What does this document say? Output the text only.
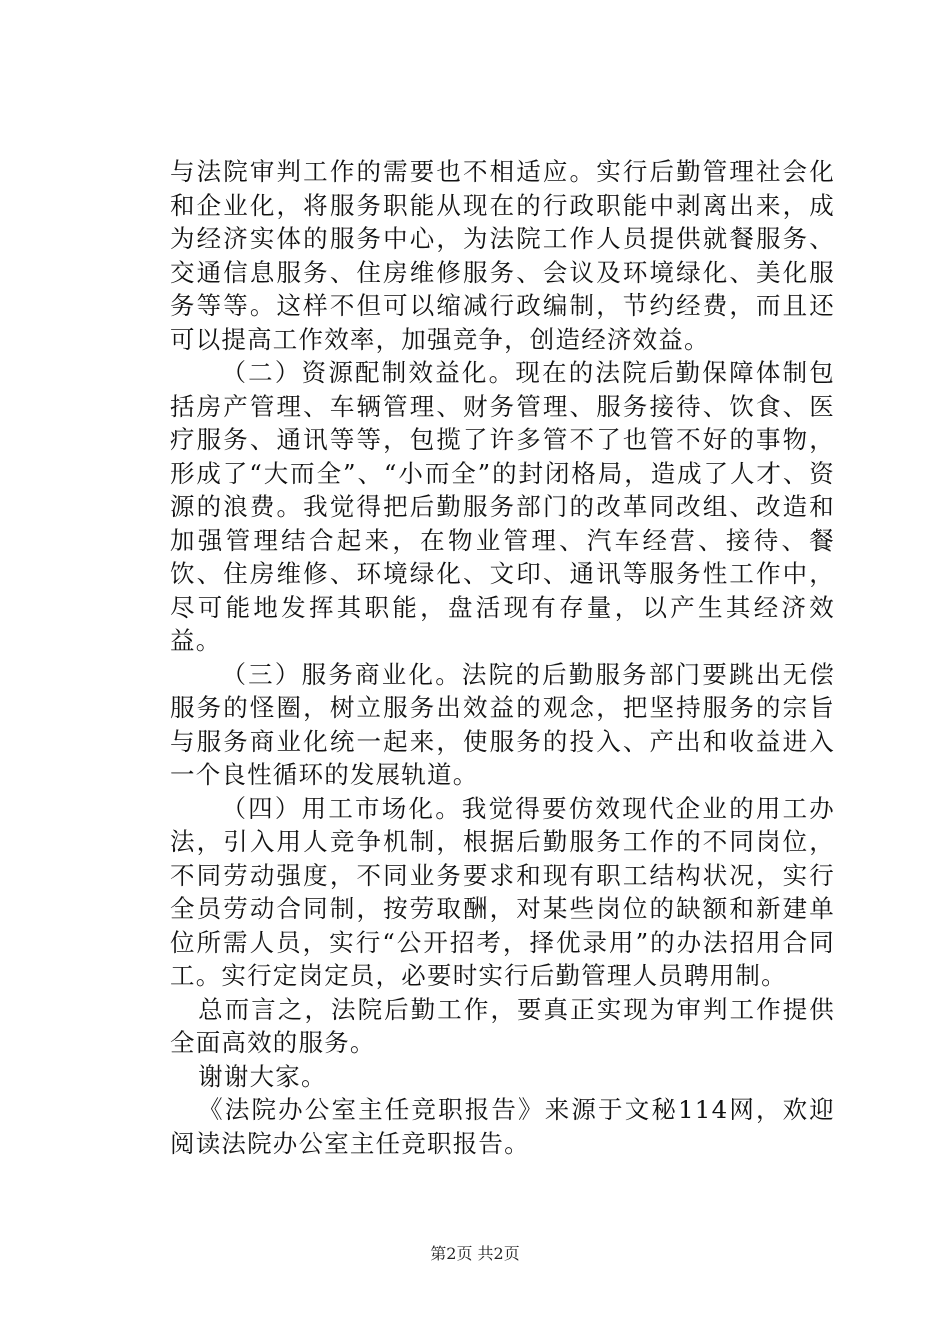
与法院审判工作的需要也不相适应。实行后勤管理社会化和企业化，将服务职能从现在的行政职能中剥离出来，成为经济实体的服务中心，为法院工作人员提供就餐服务、交通信息服务、住房维修服务、会议及环境绿化、美化服务等等。这样不但可以缩减行政编制，节约经费，而且还可以提高工作效率，加强竞争，创造经济效益。

（二）资源配制效益化。现在的法院后勤保障体制包括房产管理、车辆管理、财务管理、服务接待、饮食、医疗服务、通讯等等，包揽了许多管不了也管不好的事物，形成了“大而全”、“小而全”的封闭格局，造成了人才、资源的浪费。我觉得把后勤服务部门的改革同改组、改造和加强管理结合起来，在物业管理、汽车经营、接待、餐饮、住房维修、环境绿化、文印、通讯等服务性工作中，尽可能地发挥其职能，盘活现有存量，以产生其经济效益。

（三）服务商业化。法院的后勤服务部门要跳出无偿服务的怪圈，树立服务出效益的观念，把坚持服务的宗旨与服务商业化统一起来，使服务的投入、产出和收益进入一个良性循环的发展轨道。

（四）用工市场化。我觉得要仿效现代企业的用工办法，引入用人竞争机制，根据后勤服务工作的不同岗位，不同劳动强度，不同业务要求和现有职工结构状况，实行全员劳动合同制，按劳取酬，对某些岗位的缺额和新建单位所需人员，实行“公开招考，择优录用”的办法招用合同工。实行定岗定员，必要时实行后勤管理人员聘用制。

总而言之，法院后勤工作，要真正实现为审判工作提供全面高效的服务。

谢谢大家。

《法院办公室主任竞职报告》来源于文秘114网，欢迎阅读法院办公室主任竞职报告。

第2页 共2页
